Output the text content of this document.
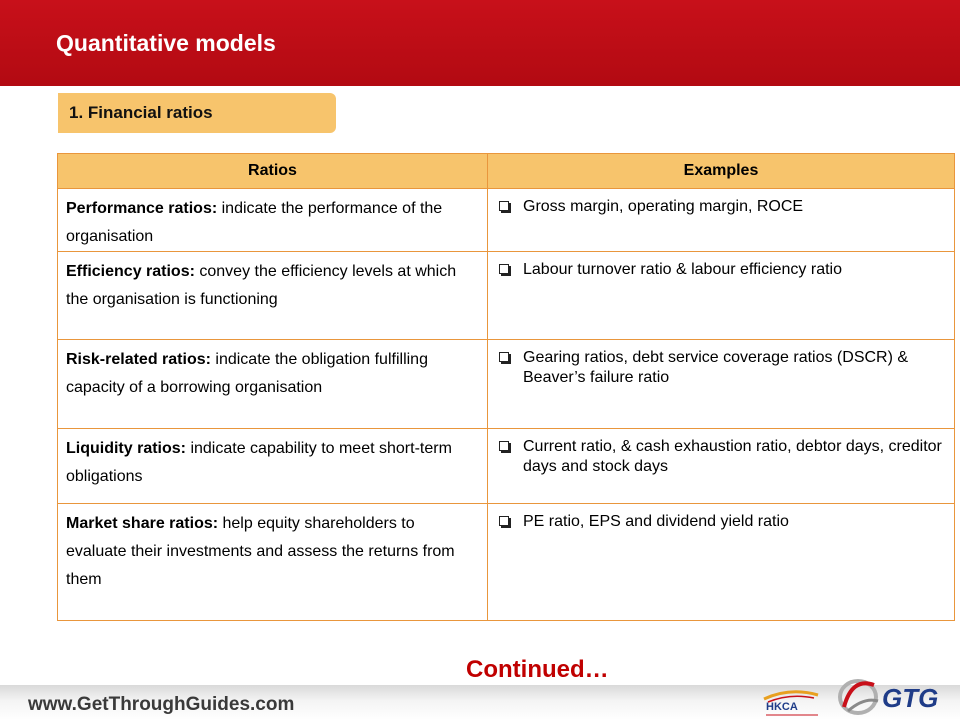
Quantitative models
1. Financial ratios
Ratios	Examples
Performance ratios: indicate the performance of the organisation	Gross margin, operating margin, ROCE

Efficiency ratios: convey the efficiency levels at which the organisation is functioning	Labour turnover ratio & labour efficiency ratio

Risk-related ratios: indicate the obligation fulfilling capacity of a borrowing organisation	Gearing ratios, debt service coverage ratios (DSCR) & Beaver’s failure ratio

Liquidity ratios: indicate capability to meet short-term obligations	Current ratio, & cash exhaustion ratio, debtor days, creditor days and stock days

Market share ratios: help equity shareholders to evaluate their investments and assess the returns from them	PE ratio, EPS and dividend yield ratio
Continued…
www.GetThroughGuides.com	HKCA	GTG
